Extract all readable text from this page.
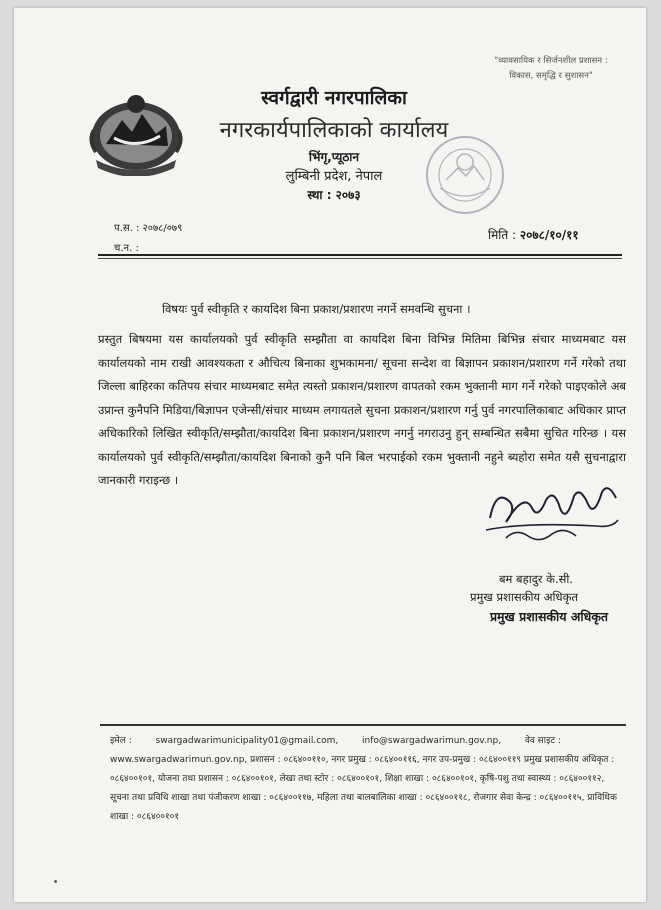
"व्यावसायिक र सिर्जनशील प्रशासन :
विकास, समृद्धि र सुशासन"
स्वर्गद्वारी नगरपालिका
नगरकार्यपालिकाको कार्यालय
भिंगृ,प्यूठान
लुम्बिनी प्रदेश, नेपाल
स्था : २०७३
प.स. : २०७८/०७९
च.न. :
मिति : २०७८/१०/११
विषयः पुर्व स्वीकृति र कायदिश बिना प्रकाश/प्रशारण नगर्ने समवन्धि सुचना ।
प्रस्तुत बिषयमा यस कार्यालयको पुर्व स्वीकृति सम्झौता वा कायदिश बिना विभिन्न मितिमा बिभिन्न संचार माध्यमबाट यस कार्यालयको नाम राखी आवश्यकता र औचित्य बिनाका शुभकामना/ सूचना सन्देश वा बिज्ञापन प्रकाशन/प्रशारण गर्ने गरेको तथा जिल्ला बाहिरका कतिपय संचार माध्यमबाट समेत त्यस्तो प्रकाशन/प्रशारण वापतको रकम भुक्तानी माग गर्ने गरेको पाइएकोले अब उप्रान्त कुनैपनि मिडिया/बिज्ञापन एजेन्सी/संचार माध्यम लगायतले सुचना प्रकाशन/प्रशारण गर्नु पुर्व नगरपालिकाबाट अधिकार प्राप्त अधिकारिको लिखित स्वीकृति/सम्झौता/कायदिश बिना प्रकाशन/प्रशारण नगर्नु नगराउनु हुन् सम्बन्धित सबैमा सुचित गरिन्छ । यस कार्यालयको पुर्व स्वीकृति/सम्झौता/कायदिश बिनाको कुनै पनि बिल भरपाईको रकम भुक्तानी नहुने ब्यहोरा समेत यसै सुचनाद्वारा जानकारी गराइन्छ ।
बम बहादुर के.सी.
प्रमुख प्रशासकीय अधिकृत
प्रमुख प्रशासकीय अधिकृत
इमेल :  swargadwarimunicipality01@gmail.com,	info@swargadwarimun.gov.np,	वेव साइट :
www.swargadwarimun.gov.np, प्रशासन : ०८६४००११०, नगर प्रमुख : ०८६४००११६, नगर उप-प्रमुख : ०८६४००११९ प्रमुख प्रशासकीय अधिकृत : ०८६४००१०१, योजना तथा प्रशासन : ०८६४००१०१, लेखा तथा स्टोर : ०८६४००१०१, शिक्षा शाखा : ०८६४००१०१, कृषि-पशु तथा स्वास्थ्य : ०८६४००११२, सूचना तथा प्रविधि शाखा तथा पंजीकरण शाखा : ०८६४००११७, महिला तथा बालबालिका शाखा : ०८६४००११८, रोजगार सेवा केन्द्र : ०८६४००११५, प्राविधिक शाखा : ०८६४००१०१
